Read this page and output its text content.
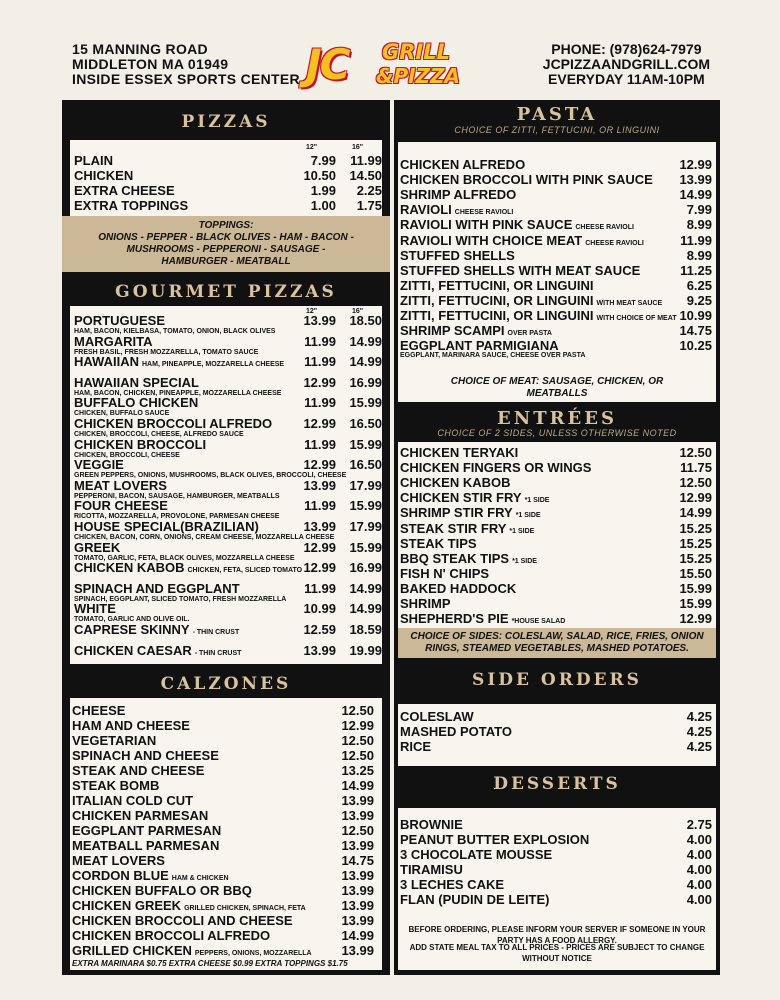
15 MANNING ROAD
MIDDLETON MA 01949
INSIDE ESSEX SPORTS CENTER JC GRILL
&PIZZA
PHONE: (978)624-7979
JCPIZZAANDGRILL.COM
EVERYDAY 11AM-10PM
PIZZAS
12"	16"
PLAIN	7.99	11.99
CHICKEN	10.50	14.50
EXTRA CHEESE	1.99	2.25
EXTRA TOPPINGS	1.00	1.75
TOPPINGS:
ONIONS - PEPPER - BLACK OLIVES - HAM - BACON -
MUSHROOMS - PEPPERONI - SAUSAGE -
HAMBURGER - MEATBALL
GOURMET PIZZAS
12"	16"
PORTUGUESE	13.99	18.50
HAM, BACON, KIELBASA, TOMATO, ONION, BLACK OLIVES
MARGARITA	11.99	14.99
FRESH BASIL, FRESH MOZZARELLA, TOMATO SAUCE
HAWAIIAN HAM, PINEAPPLE, MOZZARELLA CHEESE	11.99	14.99
HAWAIIAN SPECIAL	12.99	16.99
HAM, BACON, CHICKEN, PINEAPPLE, MOZZARELLA CHEESE
BUFFALO CHICKEN	11.99	15.99
CHICKEN, BUFFALO SAUCE
CHICKEN BROCCOLI ALFREDO	12.99	16.50
CHICKEN, BROCCOLI, CHEESE, ALFREDO SAUCE
CHICKEN BROCCOLI	11.99	15.99
CHICKEN, BROCCOLI, CHEESE
VEGGIE	12.99	16.50
GREEN PEPPERS, ONIONS, MUSHROOMS, BLACK OLIVES, BROCCOLI, CHEESE
MEAT LOVERS	13.99	17.99
PEPPERONI, BACON, SAUSAGE, HAMBURGER, MEATBALLS
FOUR CHEESE	11.99	15.99
RICOTTA, MOZZARELLA, PROVOLONE, PARMESAN CHEESE
HOUSE SPECIAL(BRAZILIAN)	13.99	17.99
CHICKEN, BACON, CORN, ONIONS, CREAM CHEESE, MOZZARELLA CHEESE
GREEK	12.99	15.99
TOMATO, GARLIC, FETA, BLACK OLIVES, MOZZARELLA CHEESE
CHICKEN KABOB CHICKEN, FETA, SLICED TOMATO 12.99	16.99
SPINACH AND EGGPLANT	11.99	14.99
SPINACH, EGGPLANT, SLICED TOMATO, FRESH MOZZARELLA
WHITE	10.99	14.99
TOMATO, GARLIC AND OLIVE OIL.
CAPRESE SKINNY - THIN CRUST	12.59	18.59
CHICKEN CAESAR - THIN CRUST	13.99	19.99
CALZONES
CHEESE	12.50
HAM AND CHEESE	12.99
VEGETARIAN	12.50
SPINACH AND CHEESE	12.50
STEAK AND CHEESE	13.25
STEAK BOMB	14.99
ITALIAN COLD CUT	13.99
CHICKEN PARMESAN	13.99
EGGPLANT PARMESAN	12.50
MEATBALL PARMESAN	13.99
MEAT LOVERS	14.75
CORDON BLUE HAM & CHICKEN	13.99
CHICKEN BUFFALO OR BBQ	13.99
CHICKEN GREEK GRILLED CHICKEN, SPINACH, FETA	13.99
CHICKEN BROCCOLI AND CHEESE	13.99
CHICKEN BROCCOLI ALFREDO	14.99
GRILLED CHICKEN PEPPERS, ONIONS, MOZZARELLA	13.99
EXTRA MARINARA $0.75 EXTRA CHEESE $0.99 EXTRA TOPPINGS $1.75
PASTA
CHOICE OF ZITTI, FETTUCINI, OR LINGUINI
CHICKEN ALFREDO	12.99
CHICKEN BROCCOLI WITH PINK SAUCE	13.99
SHRIMP ALFREDO	14.99
RAVIOLI CHEESE RAVIOLI	7.99
RAVIOLI WITH PINK SAUCE CHEESE RAVIOLI	8.99
RAVIOLI WITH CHOICE MEAT CHEESE RAVIOLI	11.99
STUFFED SHELLS	8.99
STUFFED SHELLS WITH MEAT SAUCE	11.25
ZITTI, FETTUCINI, OR LINGUINI	6.25
ZITTI, FETTUCINI, OR LINGUINI WITH MEAT SAUCE	9.25
ZITTI, FETTUCINI, OR LINGUINI WITH CHOICE OF MEAT 10.99
SHRIMP SCAMPI OVER PASTA	14.75
EGGPLANT PARMIGIANA	10.25
EGGPLANT, MARINARA SAUCE, CHEESE OVER PASTA
CHOICE OF MEAT: SAUSAGE, CHICKEN, OR
MEATBALLS
ENTRÉES
CHOICE OF 2 SIDES, UNLESS OTHERWISE NOTED
CHICKEN TERYAKI	12.50
CHICKEN FINGERS OR WINGS	11.75
CHICKEN KABOB	12.50
CHICKEN STIR FRY *1 SIDE	12.99
SHRIMP STIR FRY *1 SIDE	14.99
STEAK STIR FRY *1 SIDE	15.25
STEAK TIPS	15.25
BBQ STEAK TIPS *1 SIDE	15.25
FISH N' CHIPS	15.50
BAKED HADDOCK	15.99
SHRIMP	15.99
SHEPHERD'S PIE *HOUSE SALAD	12.99
CHOICE OF SIDES: COLESLAW, SALAD, RICE, FRIES, ONION
RINGS, STEAMED VEGETABLES, MASHED POTATOES.
SIDE ORDERS
COLESLAW	4.25
MASHED POTATO	4.25
RICE	4.25
DESSERTS
BROWNIE	2.75
PEANUT BUTTER EXPLOSION	4.00
3 CHOCOLATE MOUSSE	4.00
TIRAMISU	4.00
3 LECHES CAKE	4.00
FLAN (PUDIN DE LEITE)	4.00
BEFORE ORDERING, PLEASE INFORM YOUR SERVER IF SOMEONE IN YOUR PARTY HAS A FOOD ALLERGY.
ADD STATE MEAL TAX TO ALL PRICES - PRICES ARE SUBJECT TO CHANGE WITHOUT NOTICE
